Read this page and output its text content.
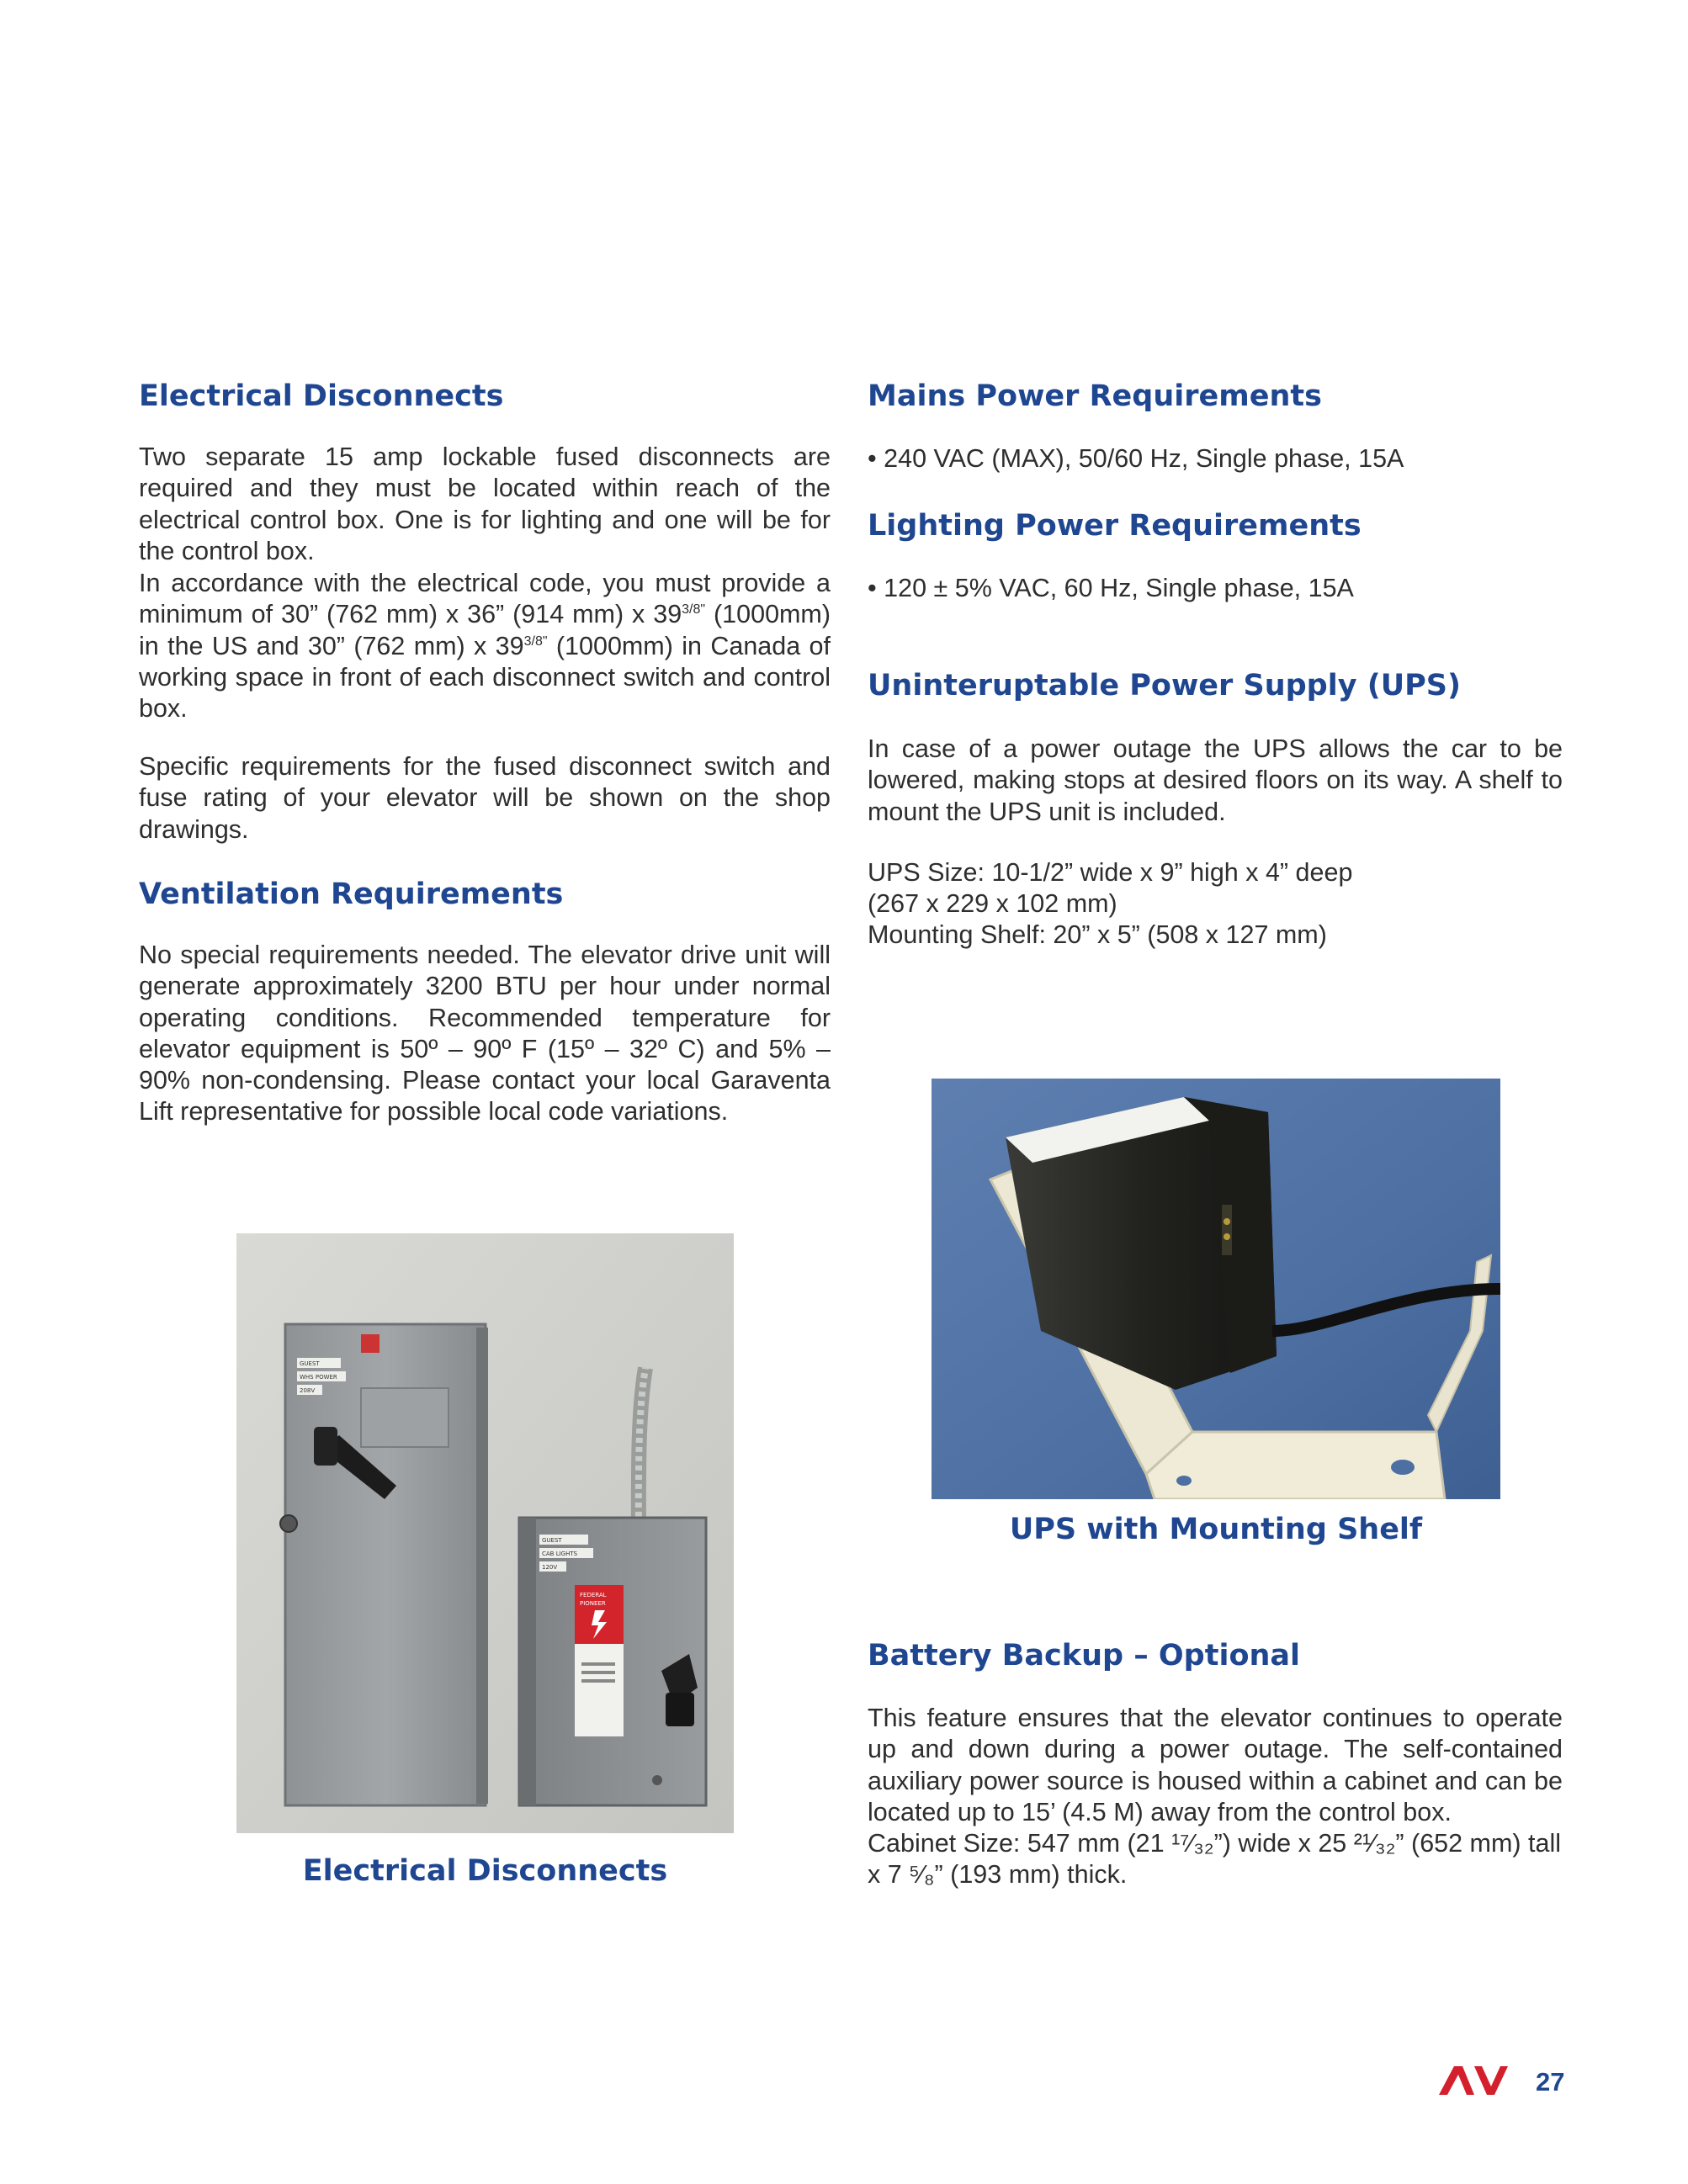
Electrical Disconnects

Two separate 15 amp lockable fused disconnects are required and they must be located within reach of the electrical control box. One is for lighting and one will be for the control box.

In accordance with the electrical code, you must provide a minimum of 30” (762 mm) x 36” (914 mm) x $39^{3/8"}$ (1000mm) in the US and 30” (762 mm) x $39^{3/8"}$ (1000mm) in Canada of working space in front of each disconnect switch and control box.

Specific requirements for the fused disconnect switch and fuse rating of your elevator will be shown on the shop drawings.

Ventilation Requirements

No special requirements needed. The elevator drive unit will generate approximately 3200 BTU per hour under normal operating conditions. Recommended temperature for elevator equipment is 50º – 90º F (15º – 32º C) and 5% – 90% non-condensing. Please contact your local Garaventa Lift representative for possible local code variations.

GUEST
WHS POWER
208V
GUEST
CAB LIGHTS
120V
FEDERAL
PIONEER
Electrical Disconnects
Mains Power Requirements

• 240 VAC (MAX), 50/60 Hz, Single phase, 15A

Lighting Power Requirements

• 120 ± 5% VAC, 60 Hz, Single phase, 15A

Uninteruptable Power Supply (UPS)

In case of a power outage the UPS allows the car to be lowered, making stops at desired floors on its way. A shelf to mount the UPS unit is included.

UPS Size: 10-1/2” wide x 9” high x 4” deep

(267 x 229 x 102 mm)

Mounting Shelf: 20” x 5” (508 x 127 mm)

UPS with Mounting Shelf
Battery Backup – Optional

This feature ensures that the elevator continues to operate up and down during a power outage. The self-contained auxiliary power source is housed within a cabinet and can be located up to 15’ (4.5 M) away from the control box.

Cabinet Size: 547 mm (21 ¹⁷⁄₃₂”) wide x 25 ²¹⁄₃₂” (652 mm) tall

x 7 ⁵⁄₈” (193 mm) thick.

27
